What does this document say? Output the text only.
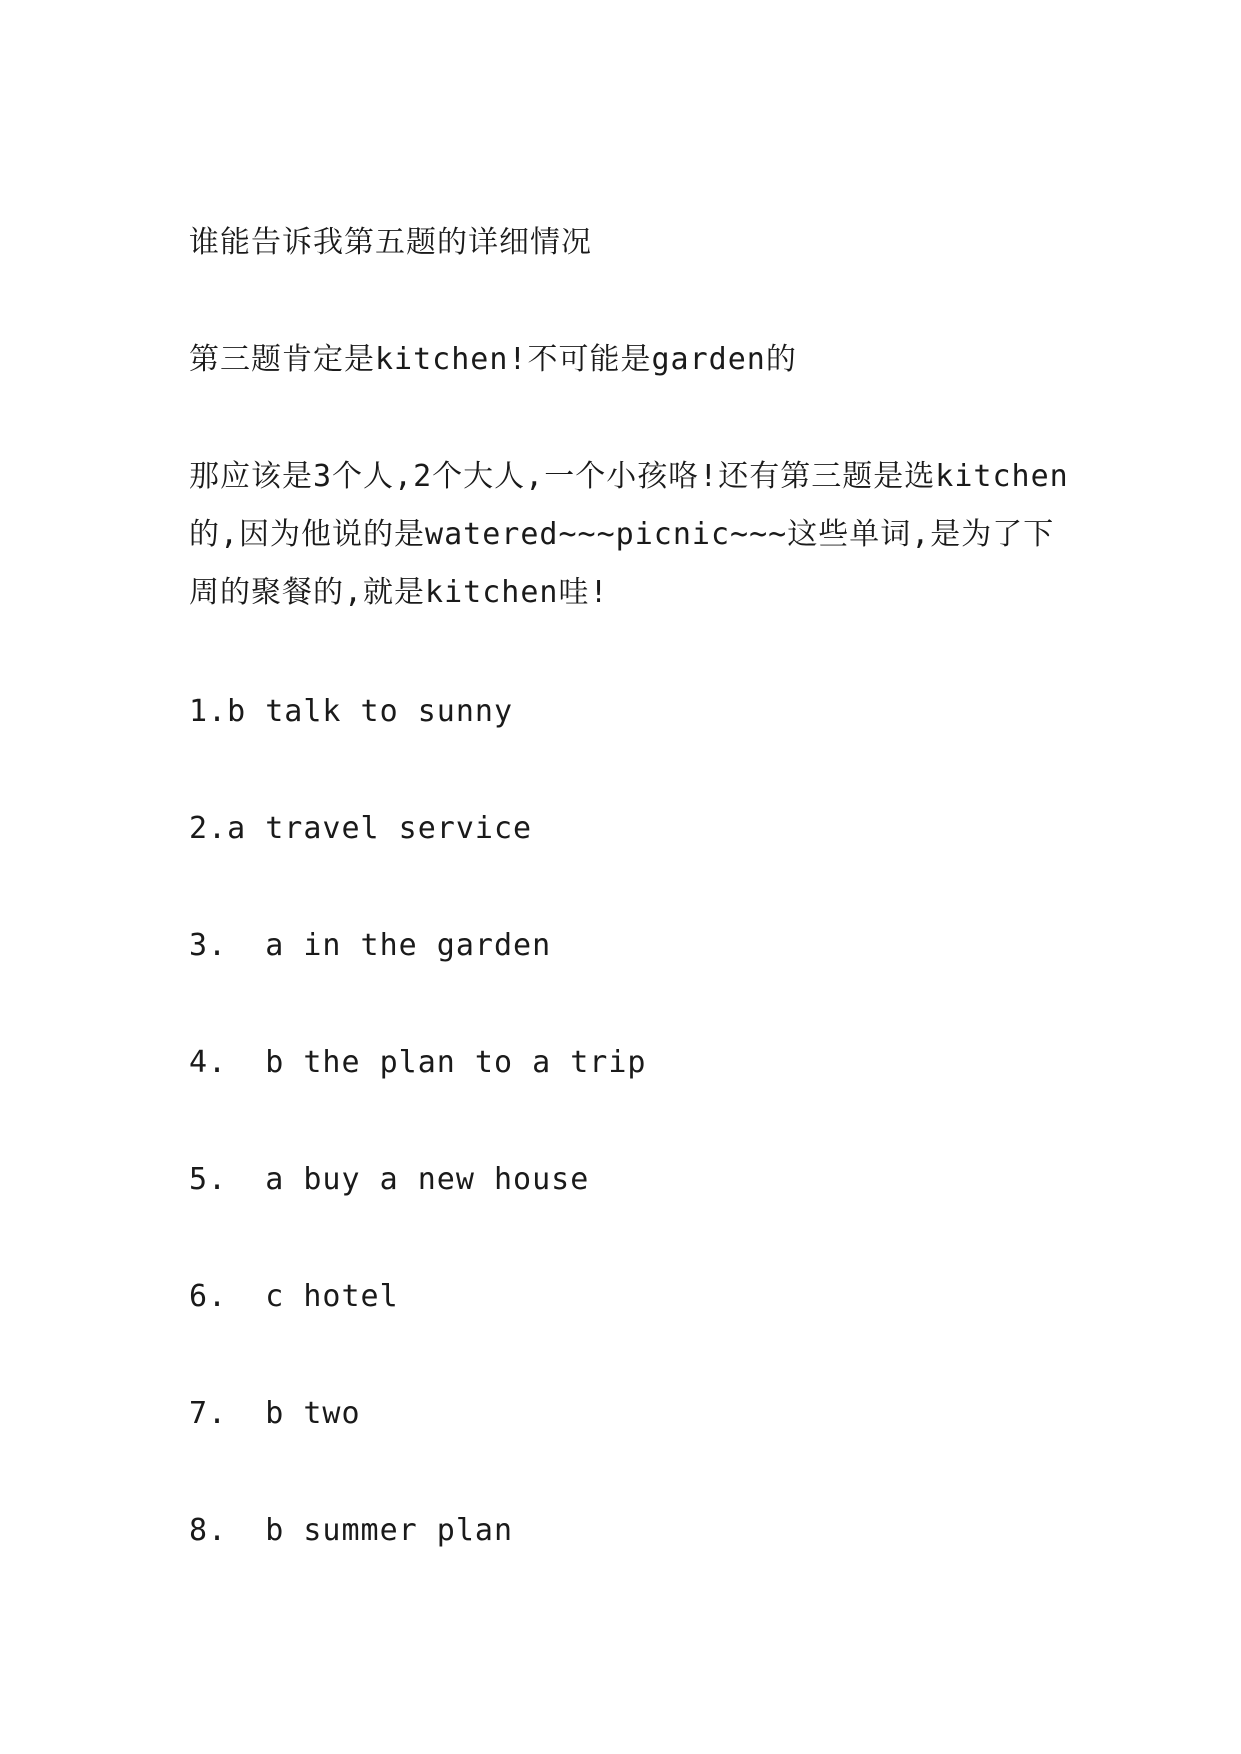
谁能告诉我第五题的详细情况

第三题肯定是kitchen!不可能是garden的

那应该是3个人,2个大人,一个小孩咯!还有第三题是选kitchen的,因为他说的是watered~~~picnic~~~这些单词,是为了下周的聚餐的,就是kitchen哇!

1.b talk to sunny

2.a travel service

3.  a in the garden

4.  b the plan to a trip

5.  a buy a new house

6.  c hotel

7.  b two

8.  b summer plan
